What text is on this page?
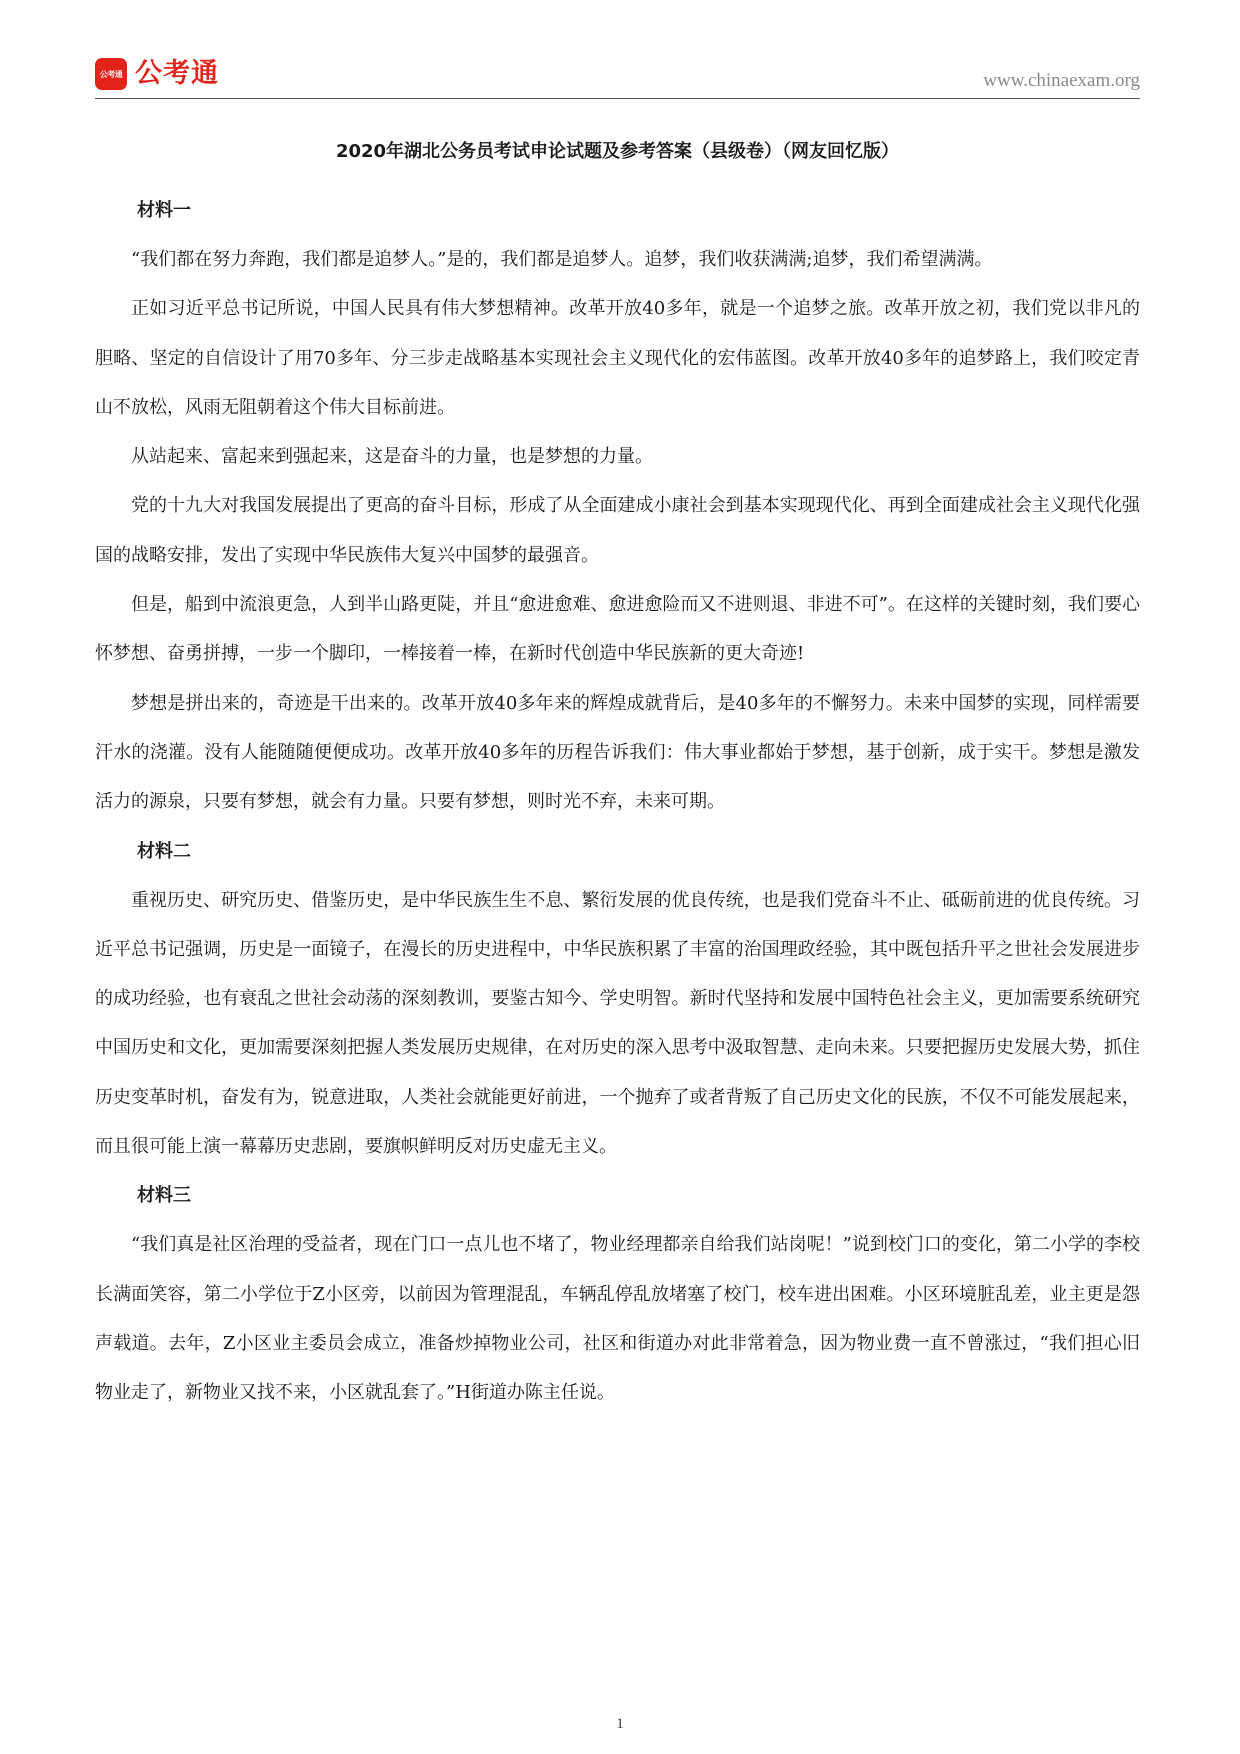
公考通 公考通	www.chinaexam.org
2020年湖北公务员考试申论试题及参考答案（县级卷）（网友回忆版）
材料一

“我们都在努力奔跑，我们都是追梦人。”是的，我们都是追梦人。追梦，我们收获满满;追梦，我们希望满满。

正如习近平总书记所说，中国人民具有伟大梦想精神。改革开放40多年，就是一个追梦之旅。改革开放之初，我们党以非凡的胆略、坚定的自信设计了用70多年、分三步走战略基本实现社会主义现代化的宏伟蓝图。改革开放40多年的追梦路上，我们咬定青山不放松，风雨无阻朝着这个伟大目标前进。

从站起来、富起来到强起来，这是奋斗的力量，也是梦想的力量。

党的十九大对我国发展提出了更高的奋斗目标，形成了从全面建成小康社会到基本实现现代化、再到全面建成社会主义现代化强国的战略安排，发出了实现中华民族伟大复兴中国梦的最强音。

但是，船到中流浪更急，人到半山路更陡，并且“愈进愈难、愈进愈险而又不进则退、非进不可”。在这样的关键时刻，我们要心怀梦想、奋勇拼搏，一步一个脚印，一棒接着一棒，在新时代创造中华民族新的更大奇迹!

梦想是拼出来的，奇迹是干出来的。改革开放40多年来的辉煌成就背后，是40多年的不懈努力。未来中国梦的实现，同样需要汗水的浇灌。没有人能随随便便成功。改革开放40多年的历程告诉我们：伟大事业都始于梦想，基于创新，成于实干。梦想是激发活力的源泉，只要有梦想，就会有力量。只要有梦想，则时光不弃，未来可期。

材料二

重视历史、研究历史、借鉴历史，是中华民族生生不息、繁衍发展的优良传统，也是我们党奋斗不止、砥砺前进的优良传统。习近平总书记强调，历史是一面镜子，在漫长的历史进程中，中华民族积累了丰富的治国理政经验，其中既包括升平之世社会发展进步的成功经验，也有衰乱之世社会动荡的深刻教训，要鉴古知今、学史明智。新时代坚持和发展中国特色社会主义，更加需要系统研究中国历史和文化，更加需要深刻把握人类发展历史规律，在对历史的深入思考中汲取智慧、走向未来。只要把握历史发展大势，抓住历史变革时机，奋发有为，锐意进取，人类社会就能更好前进，一个抛弃了或者背叛了自己历史文化的民族，不仅不可能发展起来，而且很可能上演一幕幕历史悲剧，要旗帜鲜明反对历史虚无主义。

材料三

“我们真是社区治理的受益者，现在门口一点儿也不堵了，物业经理都亲自给我们站岗呢！”说到校门口的变化，第二小学的李校长满面笑容，第二小学位于Z小区旁，以前因为管理混乱，车辆乱停乱放堵塞了校门，校车进出困难。小区环境脏乱差，业主更是怨声载道。去年，Z小区业主委员会成立，准备炒掉物业公司，社区和街道办对此非常着急，因为物业费一直不曾涨过，“我们担心旧物业走了，新物业又找不来，小区就乱套了。”H街道办陈主任说。

1
